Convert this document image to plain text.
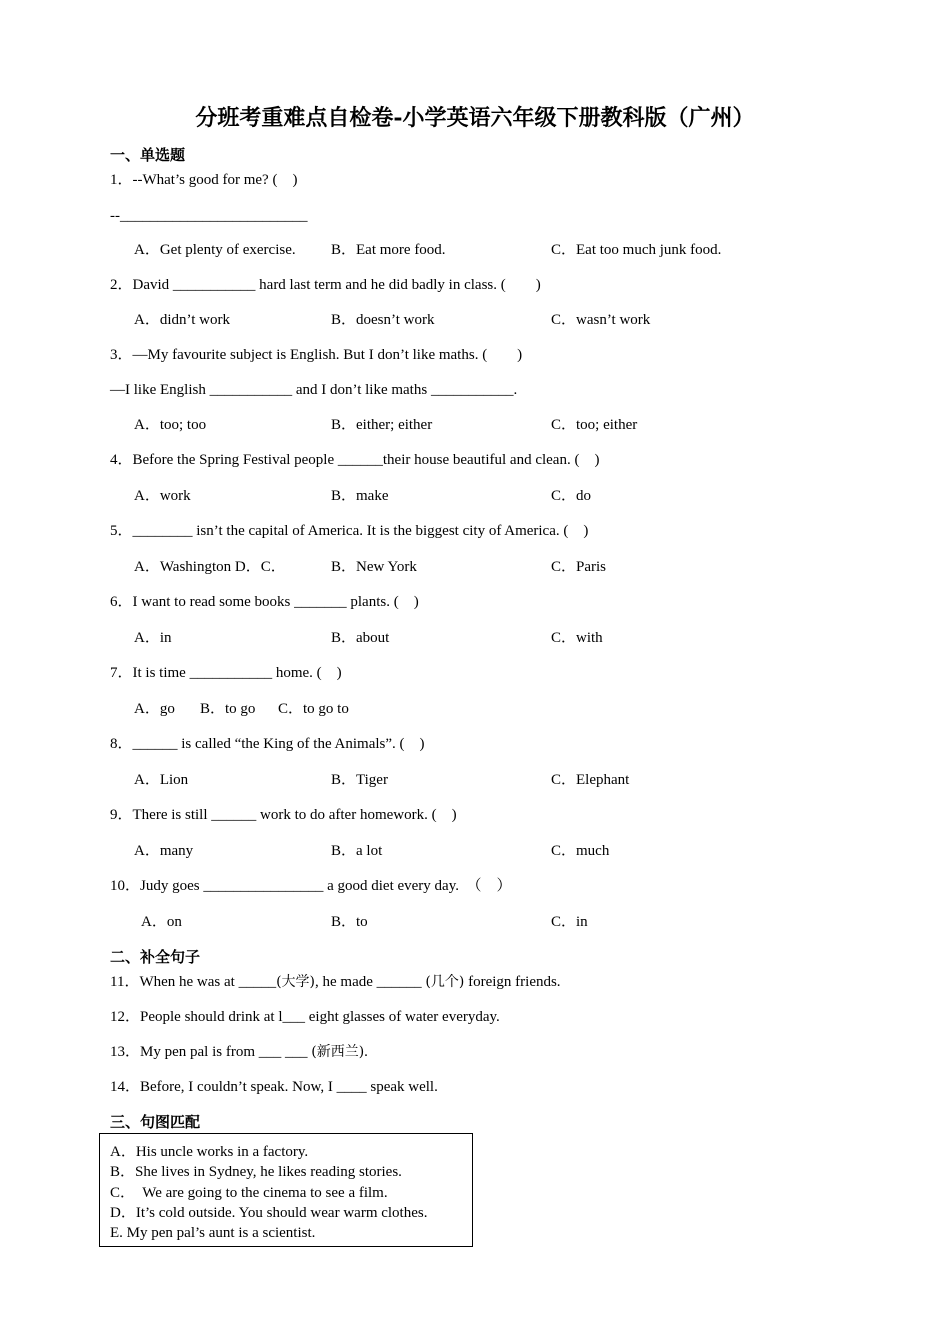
分班考重难点自检卷-小学英语六年级下册教科版（广州）
一、单选题
1．--What’s good for me? (　)
--_________________________
A．Get plenty of exercise. B．Eat more food.	C．Eat too much junk food.
2．David ___________ hard last term and he did badly in class. (　　)
A．didn’t work	B．doesn’t work	C．wasn’t work
3．—My favourite subject is English. But I don’t like maths. (　　)
—I like English ___________ and I don’t like maths ___________.
A．too; too	B．either; either	C．too; either
4．Before the Spring Festival people ______their house beautiful and clean. (　)
A．work	B．make	C．do
5．________ isn’t the capital of America. It is the biggest city of America. (　)
A．Washington D．C．	B．New York	C．Paris
6．I want to read some books _______ plants. (　)
A．in	B．about	C．with
7．It is time ___________ home. (　)
A．go B．to go C．to go to
8．______ is called “the King of the Animals”. (　)
A．Lion	B．Tiger	C．Elephant
9．There is still ______ work to do after homework. (　)
A．many	B．a lot	C．much
10．Judy goes ________________ a good diet every day.  （　）
A．on	B．to	C．in
二、补全句子
11．When he was at _____(大学), he made ______ (几个) foreign friends.
12．People should drink at l___ eight glasses of water everyday.
13．My pen pal is from ___ ___ (新西兰).
14．Before, I couldn’t speak. Now, I ____ speak well.
三、句图匹配
A．His uncle works in a factory.
B．She lives in Sydney, he likes reading stories.
C．  We are going to the cinema to see a film.
D．It’s cold outside. You should wear warm clothes.
E. My pen pal’s aunt is a scientist.
